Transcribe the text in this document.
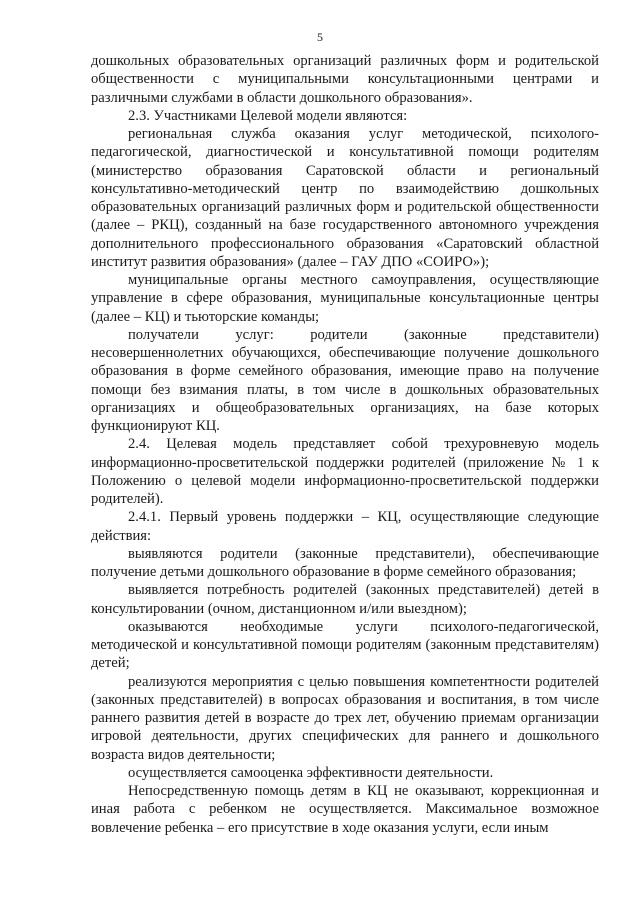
5

дошкольных образовательных организаций различных форм и родительской общественности с муниципальными консультационными центрами и различными службами в области дошкольного образования».

2.3. Участниками Целевой модели являются:

региональная служба оказания услуг методической, психолого-педагогической, диагностической и консультативной помощи родителям (министерство образования Саратовской области и региональный консультативно-методический центр по взаимодействию дошкольных образовательных организаций различных форм и родительской общественности (далее – РКЦ), созданный на базе государственного автономного учреждения дополнительного профессионального образования «Саратовский областной институт развития образования» (далее – ГАУ ДПО «СОИРО»);

муниципальные органы местного самоуправления, осуществляющие управление в сфере образования, муниципальные консультационные центры (далее – КЦ) и тьюторские команды;

получатели услуг: родители (законные представители) несовершеннолетних обучающихся, обеспечивающие получение дошкольного образования в форме семейного образования, имеющие право на получение помощи без взимания платы, в том числе в дошкольных образовательных организациях и общеобразовательных организациях, на базе которых функционируют КЦ.

2.4. Целевая модель представляет собой трехуровневую модель информационно-просветительской поддержки родителей (приложение № 1 к Положению о целевой модели информационно-просветительской поддержки родителей).

2.4.1. Первый уровень поддержки – КЦ, осуществляющие следующие действия:

выявляются родители (законные представители), обеспечивающие получение детьми дошкольного образование в форме семейного образования;

выявляется потребность родителей (законных представителей) детей в консультировании (очном, дистанционном и/или выездном);

оказываются необходимые услуги психолого-педагогической, методической и консультативной помощи родителям (законным представителям) детей;

реализуются мероприятия с целью повышения компетентности родителей (законных представителей) в вопросах образования и воспитания, в том числе раннего развития детей в возрасте до трех лет, обучению приемам организации игровой деятельности, других специфических для раннего и дошкольного возраста видов деятельности;

осуществляется самооценка эффективности деятельности.

Непосредственную помощь детям в КЦ не оказывают, коррекционная и иная работа с ребенком не осуществляется. Максимальное возможное вовлечение ребенка – его присутствие в ходе оказания услуги, если иным
